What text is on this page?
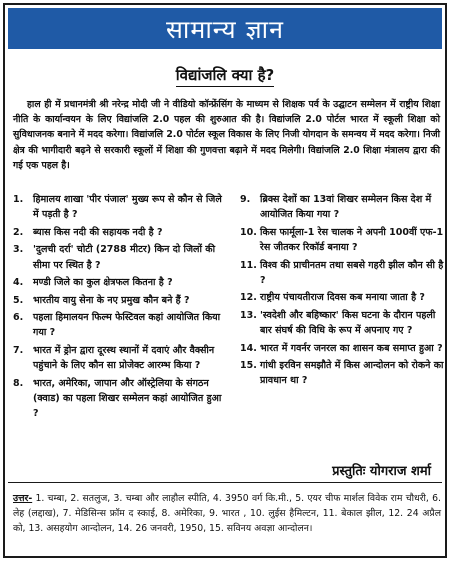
सामान्य ज्ञान
विद्यांजलि क्या है?
हाल ही में प्रधानमंत्री श्री नरेन्द्र मोदी जी ने वीडियो कॉन्फ्रेंसिंग के माध्यम से शिक्षक पर्व के उद्घाटन सम्मेलन में राष्ट्रीय शिक्षा नीति के कार्यान्वयन के लिए विद्यांजलि 2.0 पहल की शुरुआत की है। विद्यांजलि 2.0 पोर्टल भारत में स्कूली शिक्षा को सुविधाजनक बनाने में मदद करेगा। विद्यांजलि 2.0 पोर्टल स्कूल विकास के लिए निजी योगदान के समन्वय में मदद करेगा। निजी क्षेत्र की भागीदारी बढ़ने से सरकारी स्कूलों में शिक्षा की गुणवत्ता बढ़ाने में मदद मिलेगी। विद्यांजलि 2.0 शिक्षा मंत्रालय द्वारा की गई एक पहल है।
1.	हिमालय शाखा 'पीर पंजाल' मुख्य रूप से कौन से जिले में पड़ती है ?
2.	ब्यास किस नदी की सहायक नदी है ?
3.	'दुलची दर्रा' चोटी (2788 मीटर) किन दो जिलों की सीमा पर स्थित है ?
4.	मण्डी जिले का कुल क्षेत्रफल कितना है ?
5.	भारतीय वायु सेना के नए प्रमुख कौन बने हैं ?
6.	पहला हिमालयन फिल्म फेस्टिवल कहां आयोजित किया गया ?
7.	भारत में ड्रोन द्वारा दूरस्थ स्थानों में दवाएं और वैक्सीन पहुंचाने के लिए कौन सा प्रोजेक्ट आरम्भ किया ?
8.	भारत, अमेरिका, जापान और ऑस्ट्रेलिया के संगठन (क्वाड) का पहला शिखर सम्मेलन कहां आयोजित हुआ ?
9.	ब्रिक्स देशों का 13वां शिखर सम्मेलन किस देश में आयोजित किया गया ?
10. किस फार्मूला-1 रेस चालक ने अपनी 100वीं एफ-1 रेस जीतकर रिकॉर्ड बनाया ?
11. विश्व की प्राचीनतम तथा सबसे गहरी झील कौन सी है ?
12. राष्ट्रीय पंचायतीराज दिवस कब मनाया जाता है ?
13. 'स्वदेशी और बहिष्कार' किस घटना के दौरान पहली बार संघर्ष की विधि के रूप में अपनाए गए ?
14. भारत में गवर्नर जनरल का शासन कब समाप्त हुआ ?
15. गांधी इरविन समझौते में किस आन्दोलन को रोकने का प्रावधान था ?
प्रस्तुतिः योगराज शर्मा
उत्तर- 1. चम्बा, 2. सतलुज, 3. चम्बा और लाहौल स्पीति, 4. 3950 वर्ग कि.मी., 5. एयर चीफ मार्शल विवेक राम चौधरी, 6. लेह (लद्दाख), 7. मेडिसिन्स फ्रॉम द स्काई, 8. अमेरिका, 9. भारत , 10. लुईस हैमिल्टन, 11. बेकाल झील, 12. 24 अप्रैल को, 13. असहयोग आन्दोलन, 14. 26 जनवरी, 1950, 15. सविनय अवज्ञा आन्दोलन।
